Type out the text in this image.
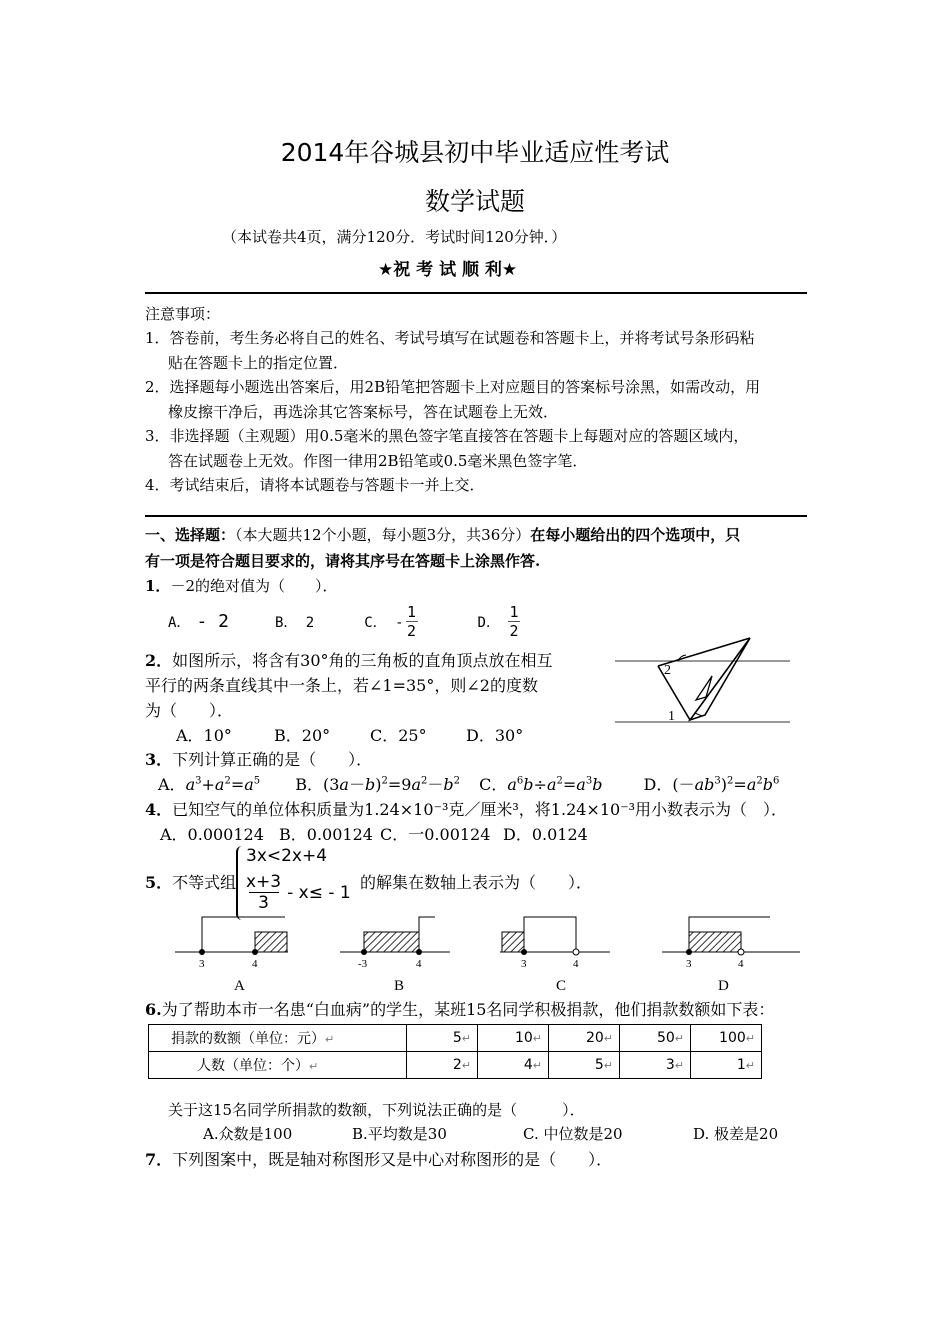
2014年谷城县初中毕业适应性考试
数学试题
（本试卷共4页，满分120分．考试时间120分钟．）
★祝 考 试 顺 利★
注意事项：
1．答卷前，考生务必将自己的姓名、考试号填写在试题卷和答题卡上，并将考试号条形码粘
贴在答题卡上的指定位置．
2．选择题每小题选出答案后，用2B铅笔把答题卡上对应题目的答案标号涂黑，如需改动，用
橡皮擦干净后，再选涂其它答案标号，答在试题卷上无效．
3．非选择题（主观题）用0.5毫米的黑色签字笔直接答在答题卡上每题对应的答题区域内，
答在试题卷上无效。作图一律用2B铅笔或0.5毫米黑色签字笔．
4．考试结束后，请将本试题卷与答题卡一并上交．
一、选择题：（本大题共12个小题，每小题3分，共36分）在每小题给出的四个选项中，只
有一项是符合题目要求的，请将其序号在答题卡上涂黑作答.
1．－2的绝对值为（　　）．
A． - 2	B． 2	C． - $\frac{1}{2}$	D． $\frac{1}{2}$
2．如图所示，将含有30°角的三角板的直角顶点放在相互
平行的两条直线其中一条上，若∠1=35°，则∠2的度数
为（　　）．
A．10°	B．20° C．25° D．30°
2
1
3．下列计算正确的是（　　）．
A．$a^3+a^2=a^5$ B．$(3a-b)^2=9a^2-b^2$ C．$a^6b\div a^2=a^3b$	D．$(-ab^3)^2=a^2b^6$
4．已知空气的单位体积质量为1.24×10⁻³克／厘米³，将1.24×10⁻³用小数表示为（　）．
A．0.000124 B．0.00124 C．一0.00124 D．0.0124
5．不等式组
3x<2x+4
x+3
3
- x≤ - 1 的解集在数轴上表示为（　　）．
3	4
A
-3	4
B
3	4
C
3	4
D
6.为了帮助本市一名患“白血病”的学生，某班15名同学积极捐款，他们捐款数额如下表：
捐款的数额（单位：元）↵	5↵	10↵	20↵	50↵	100↵
人数（单位：个）↵	2↵	4↵	5↵	3↵	1↵
关于这15名同学所捐款的数额，下列说法正确的是（　　　）．
A.众数是100	B.平均数是30	C. 中位数是20	D. 极差是20
7．下列图案中，既是轴对称图形又是中心对称图形的是（　　）．
